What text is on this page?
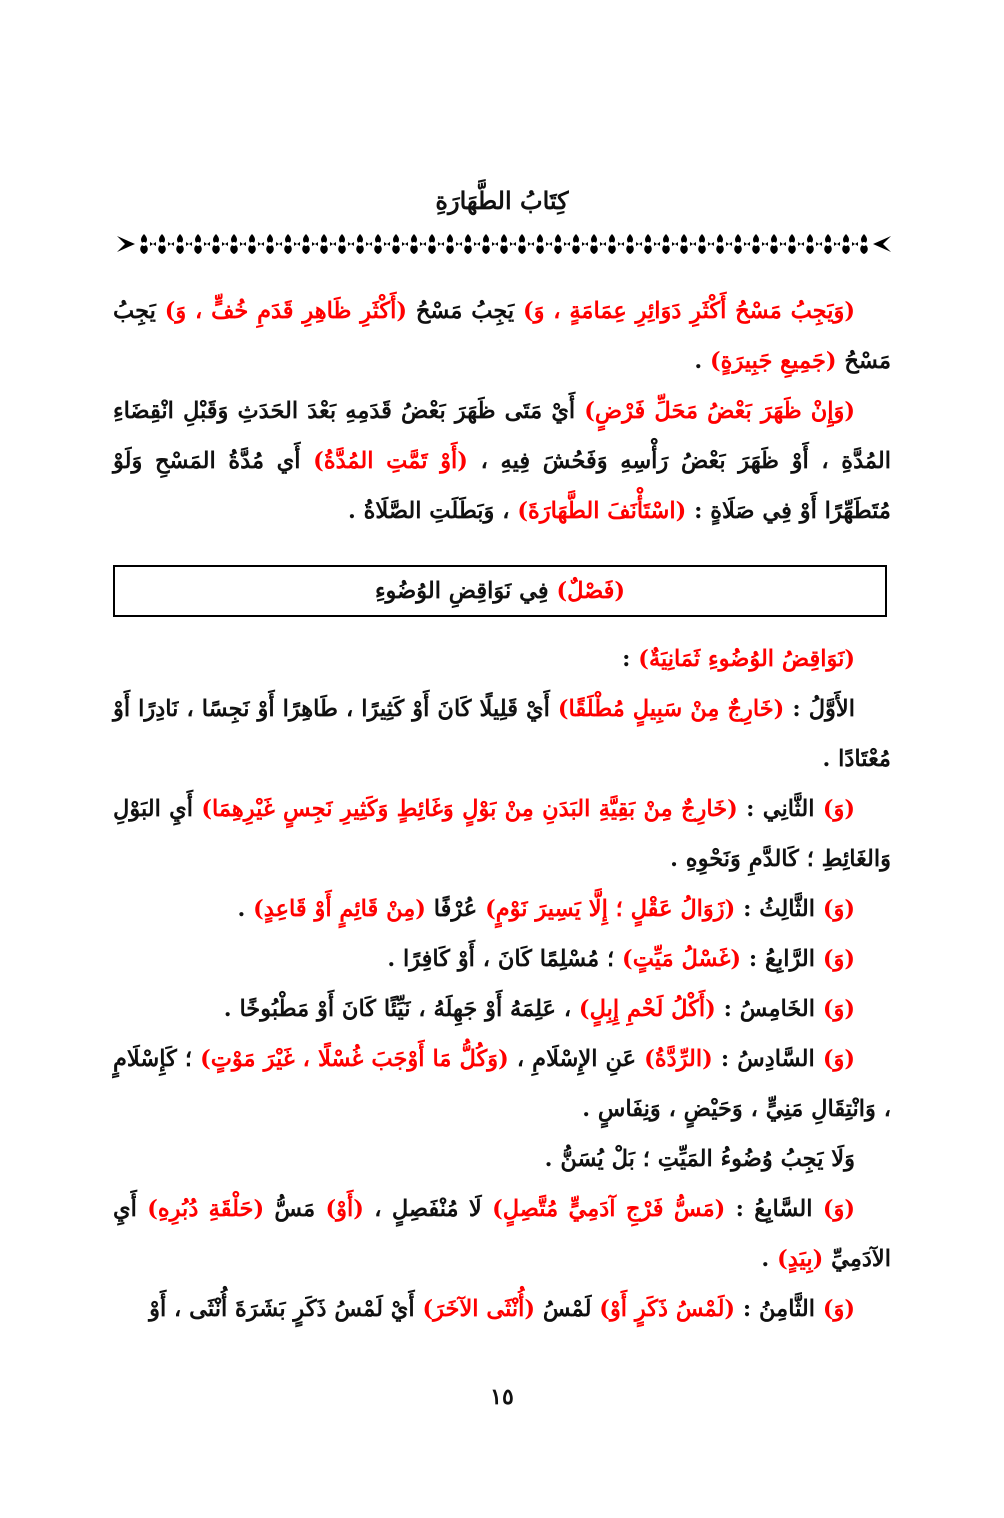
كِتَابُ الطَّهَارَةِ

(وَيَجِبُ مَسْحُ أَكْثَرِ دَوَائِرِ عِمَامَةٍ ، وَ) يَجِبُ مَسْحُ (أَكْثَرِ ظَاهِرِ قَدَمِ خُفٍّ ، وَ) يَجِبُ مَسْحُ (جَمِيعِ جَبِيرَةٍ) .

(وَإِنْ ظَهَرَ بَعْضُ مَحَلِّ فَرْضٍ) أَيْ مَتَى ظَهَرَ بَعْضُ قَدَمِهِ بَعْدَ الحَدَثِ وَقَبْلِ انْقِضَاءِ المُدَّةِ ، أَوْ ظَهَرَ بَعْضُ رَأْسِهِ وَفَحُشَ فِيهِ ، (أَوْ تَمَّتِ المُدَّةُ) أَي مُدَّةُ المَسْحِ وَلَوْ مُتَطَهِّرًا أَوْ فِي صَلَاةٍ : (اسْتَأْنَفَ الطَّهَارَةَ) ، وَبَطَلَتِ الصَّلَاةُ .

(فَصْلٌ) فِي نَوَاقِضِ الوُضُوءِ

(نَوَاقِضُ الوُضُوءِ ثَمَانِيَةٌ) :

الأَوَّلُ : (خَارِجٌ مِنْ سَبِيلٍ مُطْلَقًا) أَيْ قَلِيلًا كَانَ أَوْ كَثِيرًا ، طَاهِرًا أَوْ نَجِسًا ، نَادِرًا أَوْ مُعْتَادًا .

(وَ) الثَّانِي : (خَارِجٌ مِنْ بَقِيَّةِ البَدَنِ مِنْ بَوْلٍ وَغَائِطٍ وَكَثِيرِ نَجِسٍ غَيْرِهِمَا) أَيِ البَوْلِ وَالغَائِطِ ؛ كَالدَّمِ وَنَحْوِهِ .

(وَ) الثَّالِثُ : (زَوَالُ عَقْلٍ ؛ إِلَّا يَسِيرَ نَوْمٍ) عُرْفًا (مِنْ قَائِمٍ أَوْ قَاعِدٍ) .

(وَ) الرَّابِعُ : (غَسْلُ مَيِّتٍ) ؛ مُسْلِمًا كَانَ ، أَوْ كَافِرًا .

(وَ) الخَامِسُ : (أَكْلُ لَحْمِ إِبِلٍ) ، عَلِمَهُ أَوْ جَهِلَهُ ، نَيِّئًا كَانَ أَوْ مَطْبُوخًا .

(وَ) السَّادِسُ : (الرِّدَّةُ) عَنِ الإِسْلَامِ ، (وَكُلُّ مَا أَوْجَبَ غُسْلًا ، غَيْرَ مَوْتٍ) ؛ كَإِسْلَامٍ ، وَانْتِقَالِ مَنِيٍّ ، وَحَيْضٍ ، وَنِفَاسٍ .

وَلَا يَجِبُ وُضُوءُ المَيِّتِ ؛ بَلْ يُسَنُّ .

(وَ) السَّابِعُ : (مَسُّ فَرْجِ آدَمِيٍّ مُتَّصِلٍ) لَا مُنْفَصِلٍ ، (أَوْ) مَسُّ (حَلْقَةِ دُبُرِهِ) أَيِ الآدَمِيِّ (بِيَدٍ) .

(وَ) الثَّامِنُ : (لَمْسُ ذَكَرٍ أَوْ) لَمْسُ (أُنْثَى الآخَرَ) أَيْ لَمْسُ ذَكَرٍ بَشَرَةَ أُنْثَى ، أَوْ

١٥
